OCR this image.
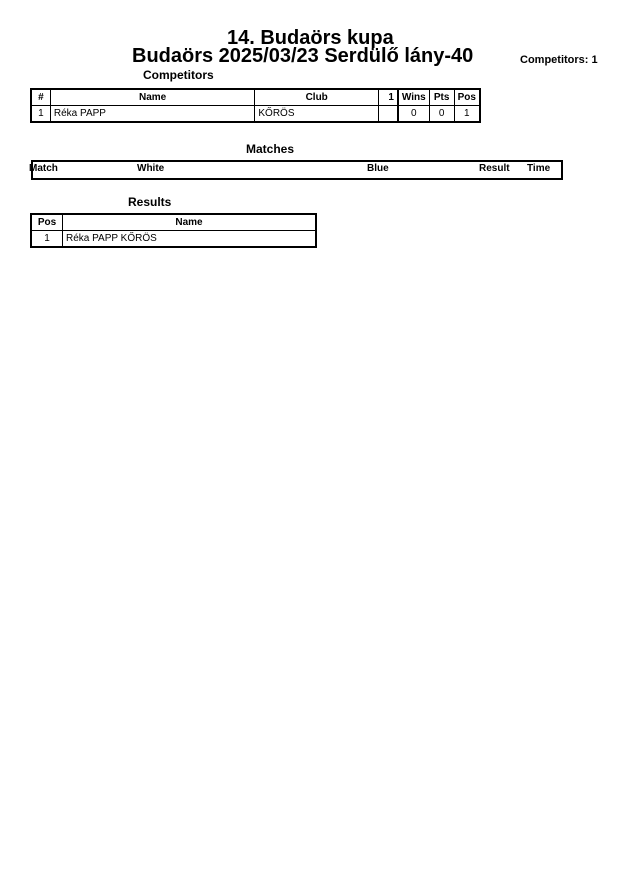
14. Budaörs kupa
Budaörs 2025/03/23 Serdülő lány-40	Competitors: 1
Competitors
#	Name	Club	1	Wins	Pts	Pos
1	Réka PAPP	KŐRÖS		0	0	1
Matches
Match	White	Blue	Result Time
Results
Pos	Name
1	Réka PAPP KŐRÖS
